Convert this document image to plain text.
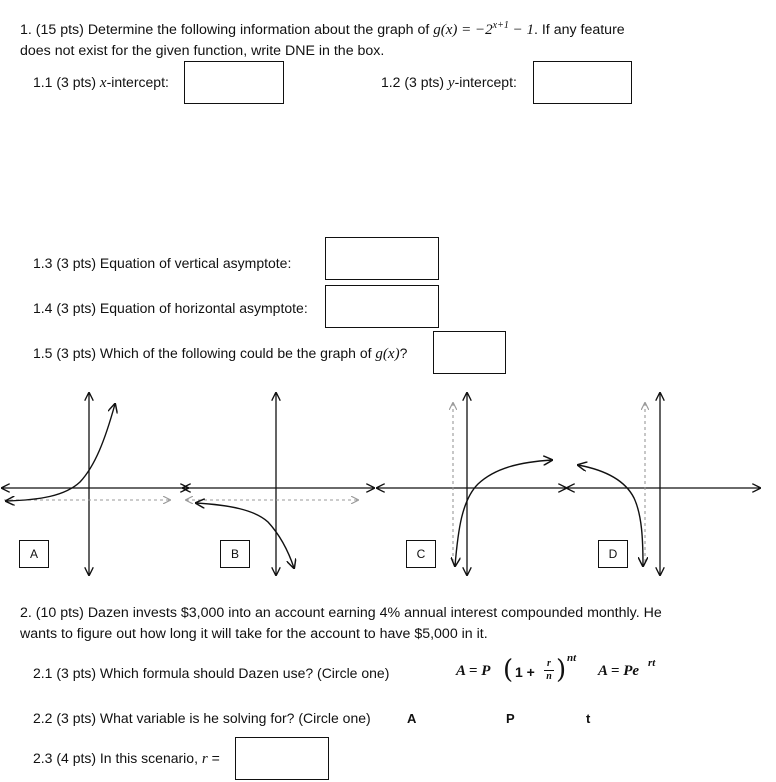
1. (15 pts) Determine the following information about the graph of $g(x) = -2^{x+1} - 1$. If any feature
does not exist for the given function, write DNE in the box.
1.1 (3 pts) x-intercept:	1.2 (3 pts) y-intercept:
1.3 (3 pts) Equation of vertical asymptote:
1.4 (3 pts) Equation of horizontal asymptote:
1.5 (3 pts) Which of the following could be the graph of g(x)?
A	B	C	D
2. (10 pts) Dazen invests $3,000 into an account earning 4% annual interest compounded monthly. He
wants to figure out how long it will take for the account to have $5,000 in it.
2.1 (3 pts) Which formula should Dazen use? (Circle one)	A = P ( 1 +
r
n ) nt
A = Pe rt
2.2 (3 pts) What variable is he solving for? (Circle one)	A	P	t
2.3 (4 pts) In this scenario, r =
